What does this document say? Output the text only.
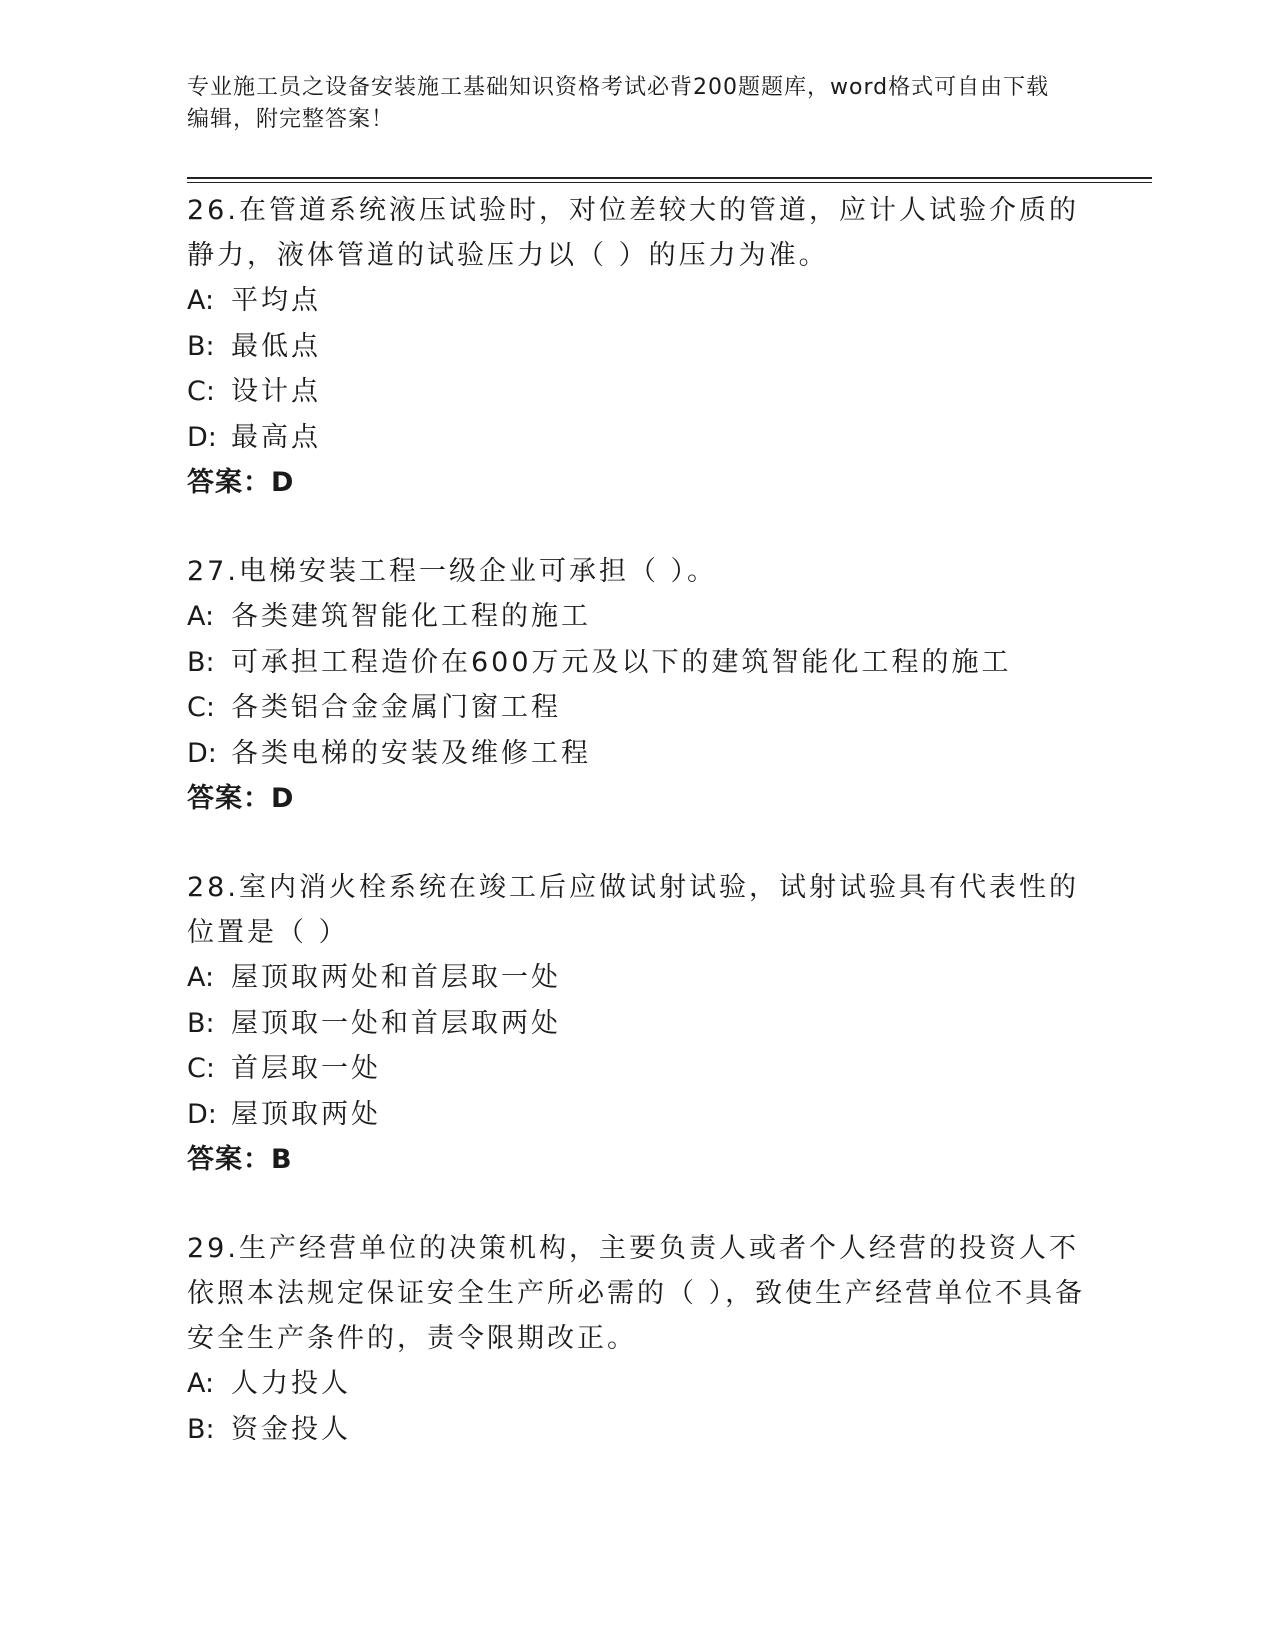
专业施工员之设备安装施工基础知识资格考试必背200题题库，word格式可自由下载编辑，附完整答案！

26.在管道系统液压试验时，对位差较大的管道，应计人试验介质的静力，液体管道的试验压力以（ ）的压力为准。

A: 平均点

B: 最低点

C: 设计点

D: 最高点

答案：D

27.电梯安装工程一级企业可承担（ ）。

A: 各类建筑智能化工程的施工

B: 可承担工程造价在600万元及以下的建筑智能化工程的施工

C: 各类铝合金金属门窗工程

D: 各类电梯的安装及维修工程

答案：D

28.室内消火栓系统在竣工后应做试射试验，试射试验具有代表性的位置是（ ）

A: 屋顶取两处和首层取一处

B: 屋顶取一处和首层取两处

C: 首层取一处

D: 屋顶取两处

答案：B

29.生产经营单位的决策机构，主要负责人或者个人经营的投资人不依照本法规定保证安全生产所必需的（ ），致使生产经营单位不具备安全生产条件的，责令限期改正。

A: 人力投人

B: 资金投人
